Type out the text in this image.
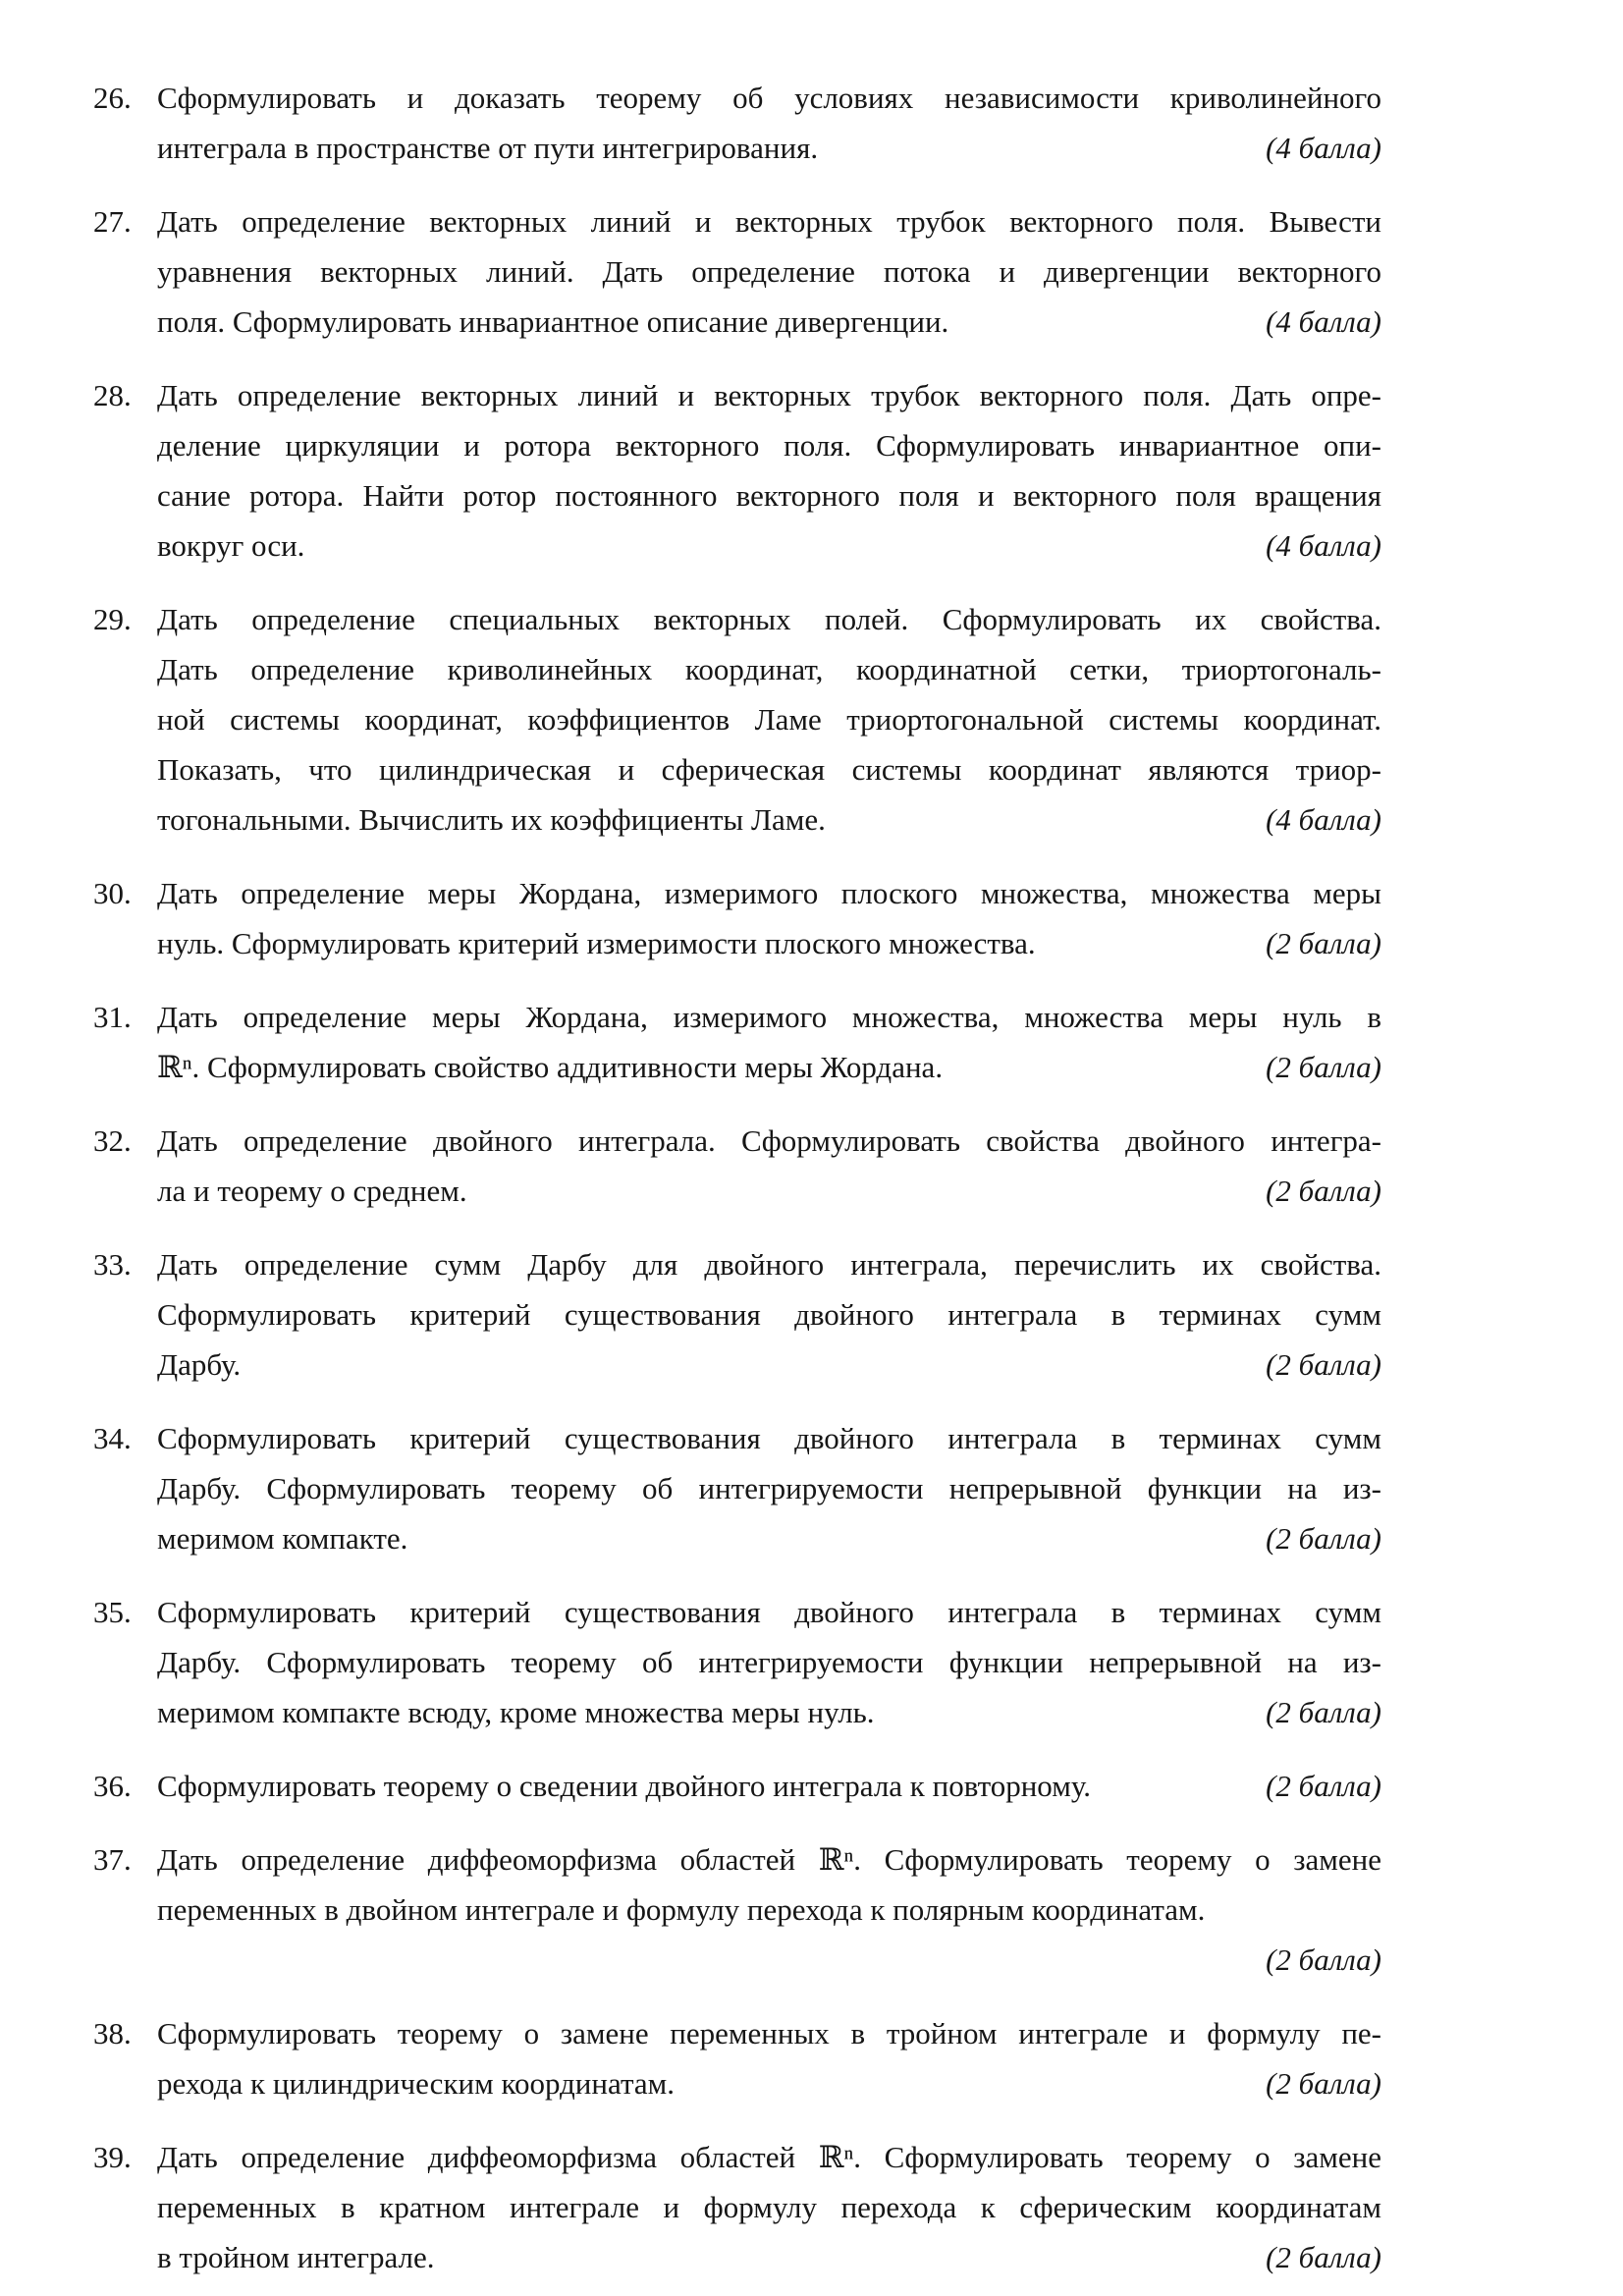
26. Сформулировать и доказать теорему об условиях независимости криволинейного
(4 балла)
интеграла в пространстве от пути интегрирования.
27. Дать определение векторных линий и векторных трубок векторного поля. Вывести
уравнения векторных линий. Дать определение потока и дивергенции векторного
(4 балла)
поля. Сформулировать инвариантное описание дивергенции.
28. Дать определение векторных линий и векторных трубок векторного поля. Дать опре-
деление циркуляции и ротора векторного поля. Сформулировать инвариантное опи-
сание ротора. Найти ротор постоянного векторного поля и векторного поля вращения
(4 балла)
вокруг оси.
29. Дать определение специальных векторных полей. Сформулировать их свойства.
Дать определение криволинейных координат, координатной сетки, триортогональ-
ной системы координат, коэффициентов Ламе триортогональной системы координат.
Показать, что цилиндрическая и сферическая системы координат являются триор-
(4 балла)
тогональными. Вычислить их коэффициенты Ламе.
30. Дать определение меры Жордана, измеримого плоского множества, множества меры
(2 балла)
нуль. Сформулировать критерий измеримости плоского множества.
31. Дать определение меры Жордана, измеримого множества, множества меры нуль в
(2 балла)
ℝⁿ. Сформулировать свойство аддитивности меры Жордана.
32. Дать определение двойного интеграла. Сформулировать свойства двойного интегра-
(2 балла)
ла и теорему о среднем.
33. Дать определение сумм Дарбу для двойного интеграла, перечислить их свойства.
Сформулировать критерий существования двойного интеграла в терминах сумм
(2 балла)
Дарбу.
34. Сформулировать критерий существования двойного интеграла в терминах сумм
Дарбу. Сформулировать теорему об интегрируемости непрерывной функции на из-
(2 балла)
меримом компакте.
35. Сформулировать критерий существования двойного интеграла в терминах сумм
Дарбу. Сформулировать теорему об интегрируемости функции непрерывной на из-
(2 балла)
меримом компакте всюду, кроме множества меры нуль.
36.	(2 балла)
Сформулировать теорему о сведении двойного интеграла к повторному.
37. Дать определение диффеоморфизма областей ℝⁿ. Сформулировать теорему о замене
переменных в двойном интеграле и формулу перехода к полярным координатам.
(2 балла)
38. Сформулировать теорему о замене переменных в тройном интеграле и формулу пе-
(2 балла)
рехода к цилиндрическим координатам.
39. Дать определение диффеоморфизма областей ℝⁿ. Сформулировать теорему о замене
переменных в кратном интеграле и формулу перехода к сферическим координатам
(2 балла)
в тройном интеграле.
